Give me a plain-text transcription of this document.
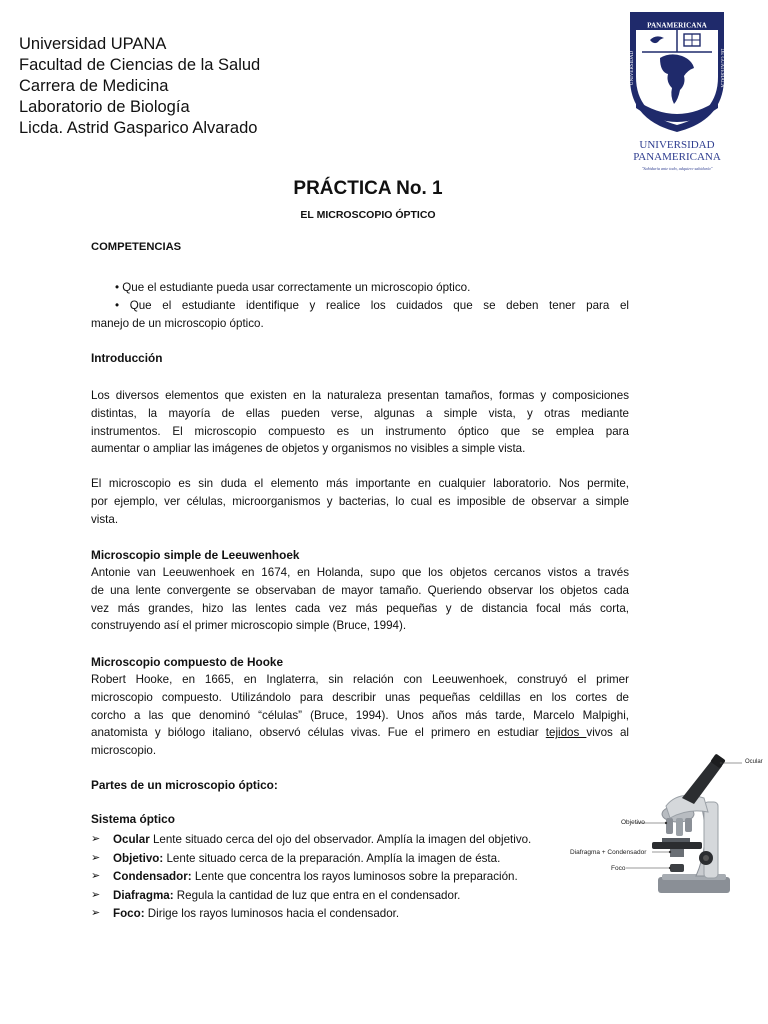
Universidad UPANA
Facultad de Ciencias de la Salud
Carrera de Medicina
Laboratorio de Biología
Licda. Astrid Gasparico Alvarado
PANAMERICANA
UNIVERSIDAD	DE GUATEMALA
UNIVERSIDAD
PANAMERICANA
"Sabiduría ante todo, adquiere sabiduría"
PRÁCTICA No. 1
EL MICROSCOPIO ÓPTICO
COMPETENCIAS
• Que el estudiante pueda usar correctamente un microscopio óptico.
• Que el estudiante identifique y realice los cuidados que se deben tener para el
manejo de un microscopio óptico.
Introducción
Los diversos elementos que existen en la naturaleza presentan tamaños, formas y composiciones
distintas, la mayoría de ellas pueden verse, algunas a simple vista, y otras mediante
instrumentos. El microscopio compuesto es un instrumento óptico que se emplea para
aumentar o ampliar las imágenes de objetos y organismos no visibles a simple vista.
El microscopio es sin duda el elemento más importante en cualquier laboratorio. Nos permite,
por ejemplo, ver células, microorganismos y bacterias, lo cual es imposible de observar a simple
vista.
Microscopio simple de Leeuwenhoek
Antonie van Leeuwenhoek en 1674, en Holanda, supo que los objetos cercanos vistos a través
de una lente convergente se observaban de mayor tamaño. Queriendo observar los objetos cada
vez más grandes, hizo las lentes cada vez más pequeñas y de distancia focal más corta,
construyendo así el primer microscopio simple (Bruce, 1994).
Microscopio compuesto de Hooke
Robert Hooke, en 1665, en Inglaterra, sin relación con Leeuwenhoek, construyó el primer
microscopio compuesto. Utilizándolo para describir unas pequeñas celdillas en los cortes de
corcho a las que denominó “células” (Bruce, 1994). Unos años más tarde, Marcelo Malpighi,
anatomista y biólogo italiano, observó células vivas. Fue el primero en estudiar tejidos vivos al
microscopio.
Partes de un microscopio óptico:
Sistema óptico
➢	Ocular Lente situado cerca del ojo del observador. Amplía la imagen del objetivo.
➢	Objetivo: Lente situado cerca de la preparación. Amplía la imagen de ésta.
➢	Condensador: Lente que concentra los rayos luminosos sobre la preparación.
➢	Diafragma: Regula la cantidad de luz que entra en el condensador.
➢	Foco: Dirige los rayos luminosos hacia el condensador.
Ocular
Objetivo
Diafragma + Condensador
Foco
